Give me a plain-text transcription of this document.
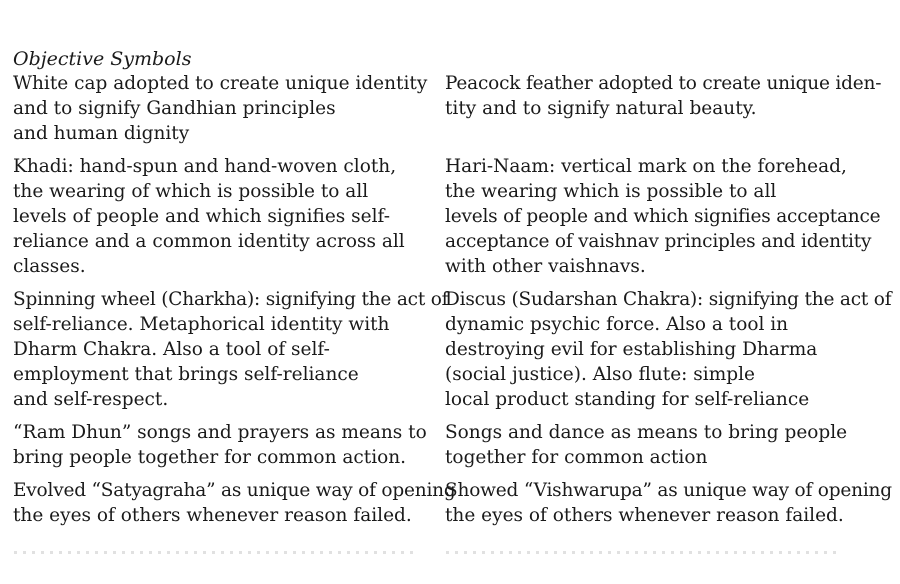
Objective Symbols
White cap adopted to create unique identity
and to signify Gandhian principles
and human dignity
Peacock feather adopted to create unique iden-
tity and to signify natural beauty.
Khadi: hand-spun and hand-woven cloth,
the wearing of which is possible to all
levels of people and which signifies self-
reliance and a common identity across all
classes.
Hari-Naam: vertical mark on the forehead,
the wearing which is possible to all
levels of people and which signifies acceptance
acceptance of vaishnav principles and identity
with other vaishnavs.
Spinning wheel (Charkha): signifying the act of
self-reliance. Metaphorical identity with
Dharm Chakra. Also a tool of self-
employment that brings self-reliance
and self-respect.
Discus (Sudarshan Chakra): signifying the act of
dynamic psychic force. Also a tool in
destroying evil for establishing Dharma
(social justice). Also flute: simple
local product standing for self-reliance
“Ram Dhun” songs and prayers as means to
bring people together for common action.
Songs and dance as means to bring people
together for common action
Evolved “Satyagraha” as unique way of opening
the eyes of others whenever reason failed.
Showed “Vishwarupa” as unique way of opening
the eyes of others whenever reason failed.
